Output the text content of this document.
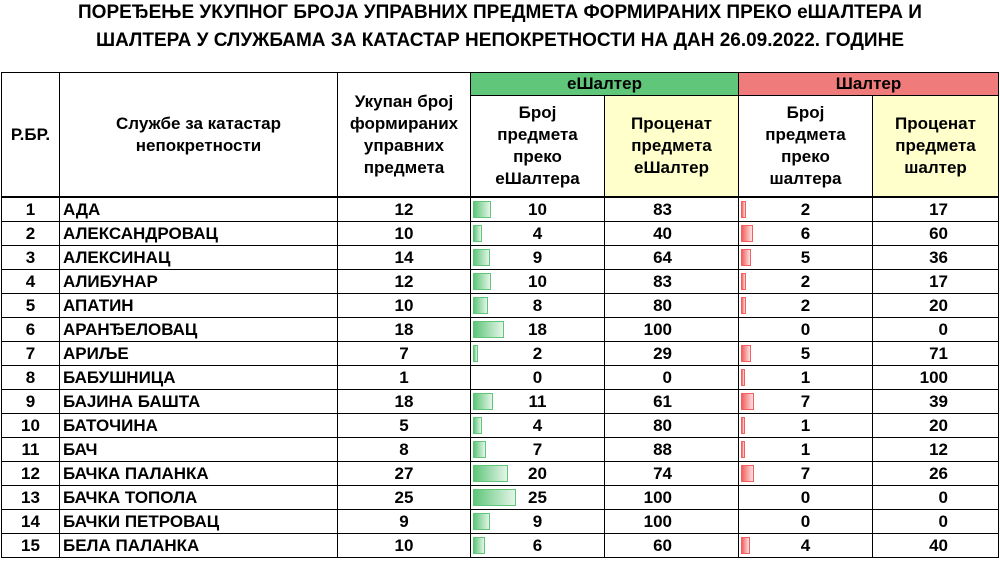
ПОРЕЂЕЊЕ УКУПНОГ БРОЈА УПРАВНИХ ПРЕДМЕТА ФОРМИРАНИХ ПРЕКО еШАЛТЕРА И
ШАЛТЕРА У СЛУЖБАМА ЗА КАТАСТАР НЕПОКРЕТНОСТИ НА ДАН 26.09.2022. ГОДИНЕ
Р.БР.	Службе за катастар непокретности	Укупан број формираних управних предмета	еШалтер		Шалтер	
			Број предмета преко еШалтера	Проценат предмета еШалтер	Број предмета преко шалтера	Проценат предмета шалтер
1	АДА	12	10	83	2	17
2	АЛЕКСАНДРОВАЦ	10	4	40	6	60
3	АЛЕКСИНАЦ	14	9	64	5	36
4	АЛИБУНАР	12	10	83	2	17
5	АПАТИН	10	8	80	2	20
6	АРАНЂЕЛОВАЦ	18	18	100	0	0
7	АРИЉЕ	7	2	29	5	71
8	БАБУШНИЦА	1	0	0	1	100
9	БАЈИНА БАШТА	18	11	61	7	39
10	БАТОЧИНА	5	4	80	1	20
11	БАЧ	8	7	88	1	12
12	БАЧКА ПАЛАНКА	27	20	74	7	26
13	БАЧКА ТОПОЛА	25	25	100	0	0
14	БАЧКИ ПЕТРОВАЦ	9	9	100	0	0
15	БЕЛА ПАЛАНКА	10	6	60	4	40
